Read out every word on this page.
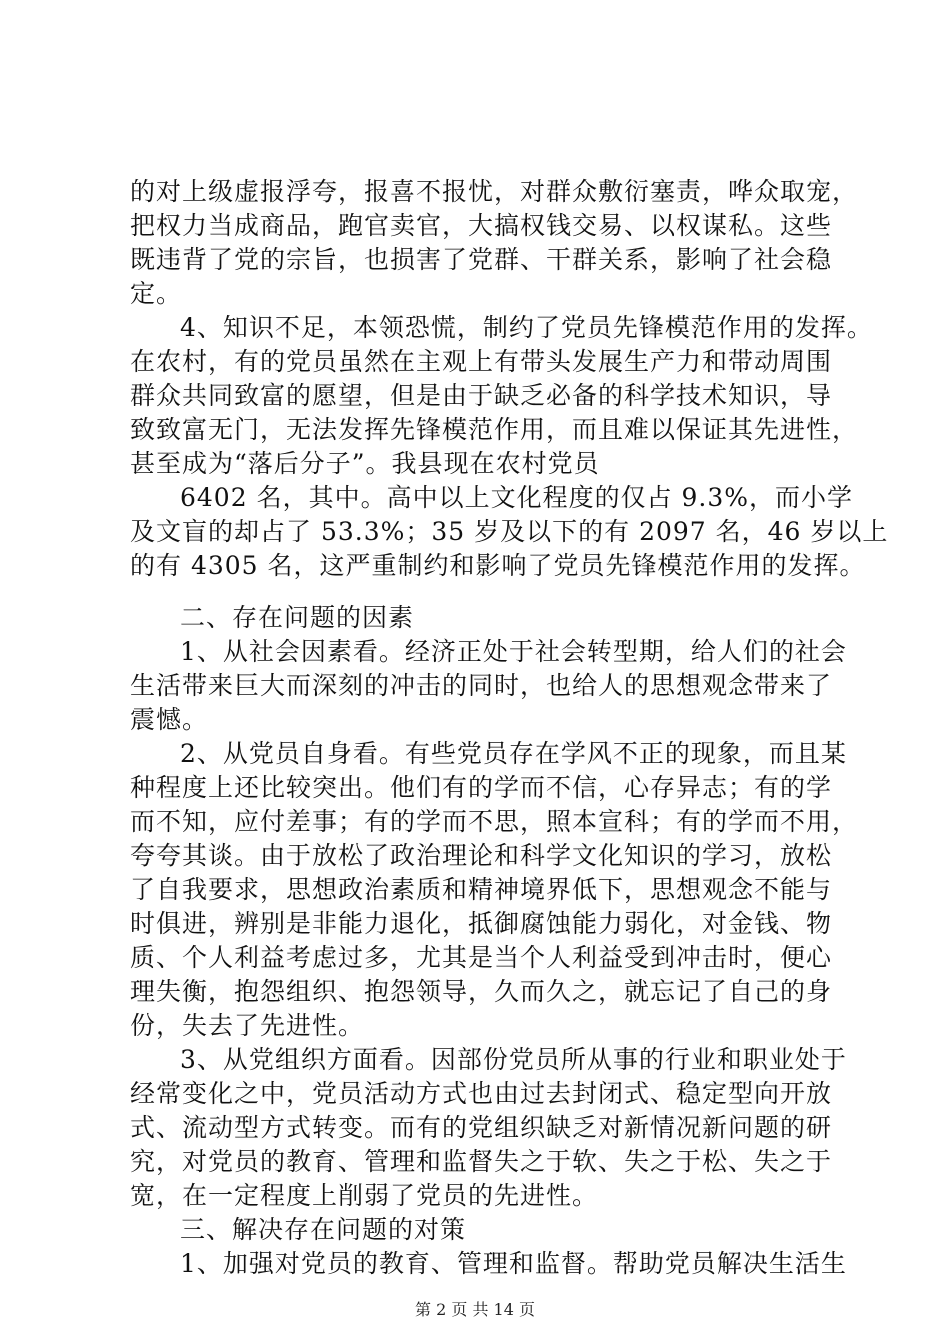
的对上级虚报浮夸，报喜不报忧，对群众敷衍塞责，哗众取宠，
把权力当成商品，跑官卖官，大搞权钱交易、以权谋私。这些
既违背了党的宗旨，也损害了党群、干群关系，影响了社会稳
定。
4、知识不足，本领恐慌，制约了党员先锋模范作用的发挥。
在农村，有的党员虽然在主观上有带头发展生产力和带动周围
群众共同致富的愿望，但是由于缺乏必备的科学技术知识，导
致致富无门，无法发挥先锋模范作用，而且难以保证其先进性，
甚至成为“落后分子”。我县现在农村党员
6402 名，其中。高中以上文化程度的仅占 9.3%，而小学
及文盲的却占了 53.3%；35 岁及以下的有 2097 名，46 岁以上
的有 4305 名，这严重制约和影响了党员先锋模范作用的发挥。
二、存在问题的因素
1、从社会因素看。经济正处于社会转型期，给人们的社会
生活带来巨大而深刻的冲击的同时，也给人的思想观念带来了
震憾。
2、从党员自身看。有些党员存在学风不正的现象，而且某
种程度上还比较突出。他们有的学而不信，心存异志；有的学
而不知，应付差事；有的学而不思，照本宣科；有的学而不用，
夸夸其谈。由于放松了政治理论和科学文化知识的学习，放松
了自我要求，思想政治素质和精神境界低下，思想观念不能与
时俱进，辨别是非能力退化，抵御腐蚀能力弱化，对金钱、物
质、个人利益考虑过多，尤其是当个人利益受到冲击时，便心
理失衡，抱怨组织、抱怨领导，久而久之，就忘记了自己的身
份，失去了先进性。
3、从党组织方面看。因部份党员所从事的行业和职业处于
经常变化之中，党员活动方式也由过去封闭式、稳定型向开放
式、流动型方式转变。而有的党组织缺乏对新情况新问题的研
究，对党员的教育、管理和监督失之于软、失之于松、失之于
宽，在一定程度上削弱了党员的先进性。
三、解决存在问题的对策
1、加强对党员的教育、管理和监督。帮助党员解决生活生
第 2 页 共 14 页
